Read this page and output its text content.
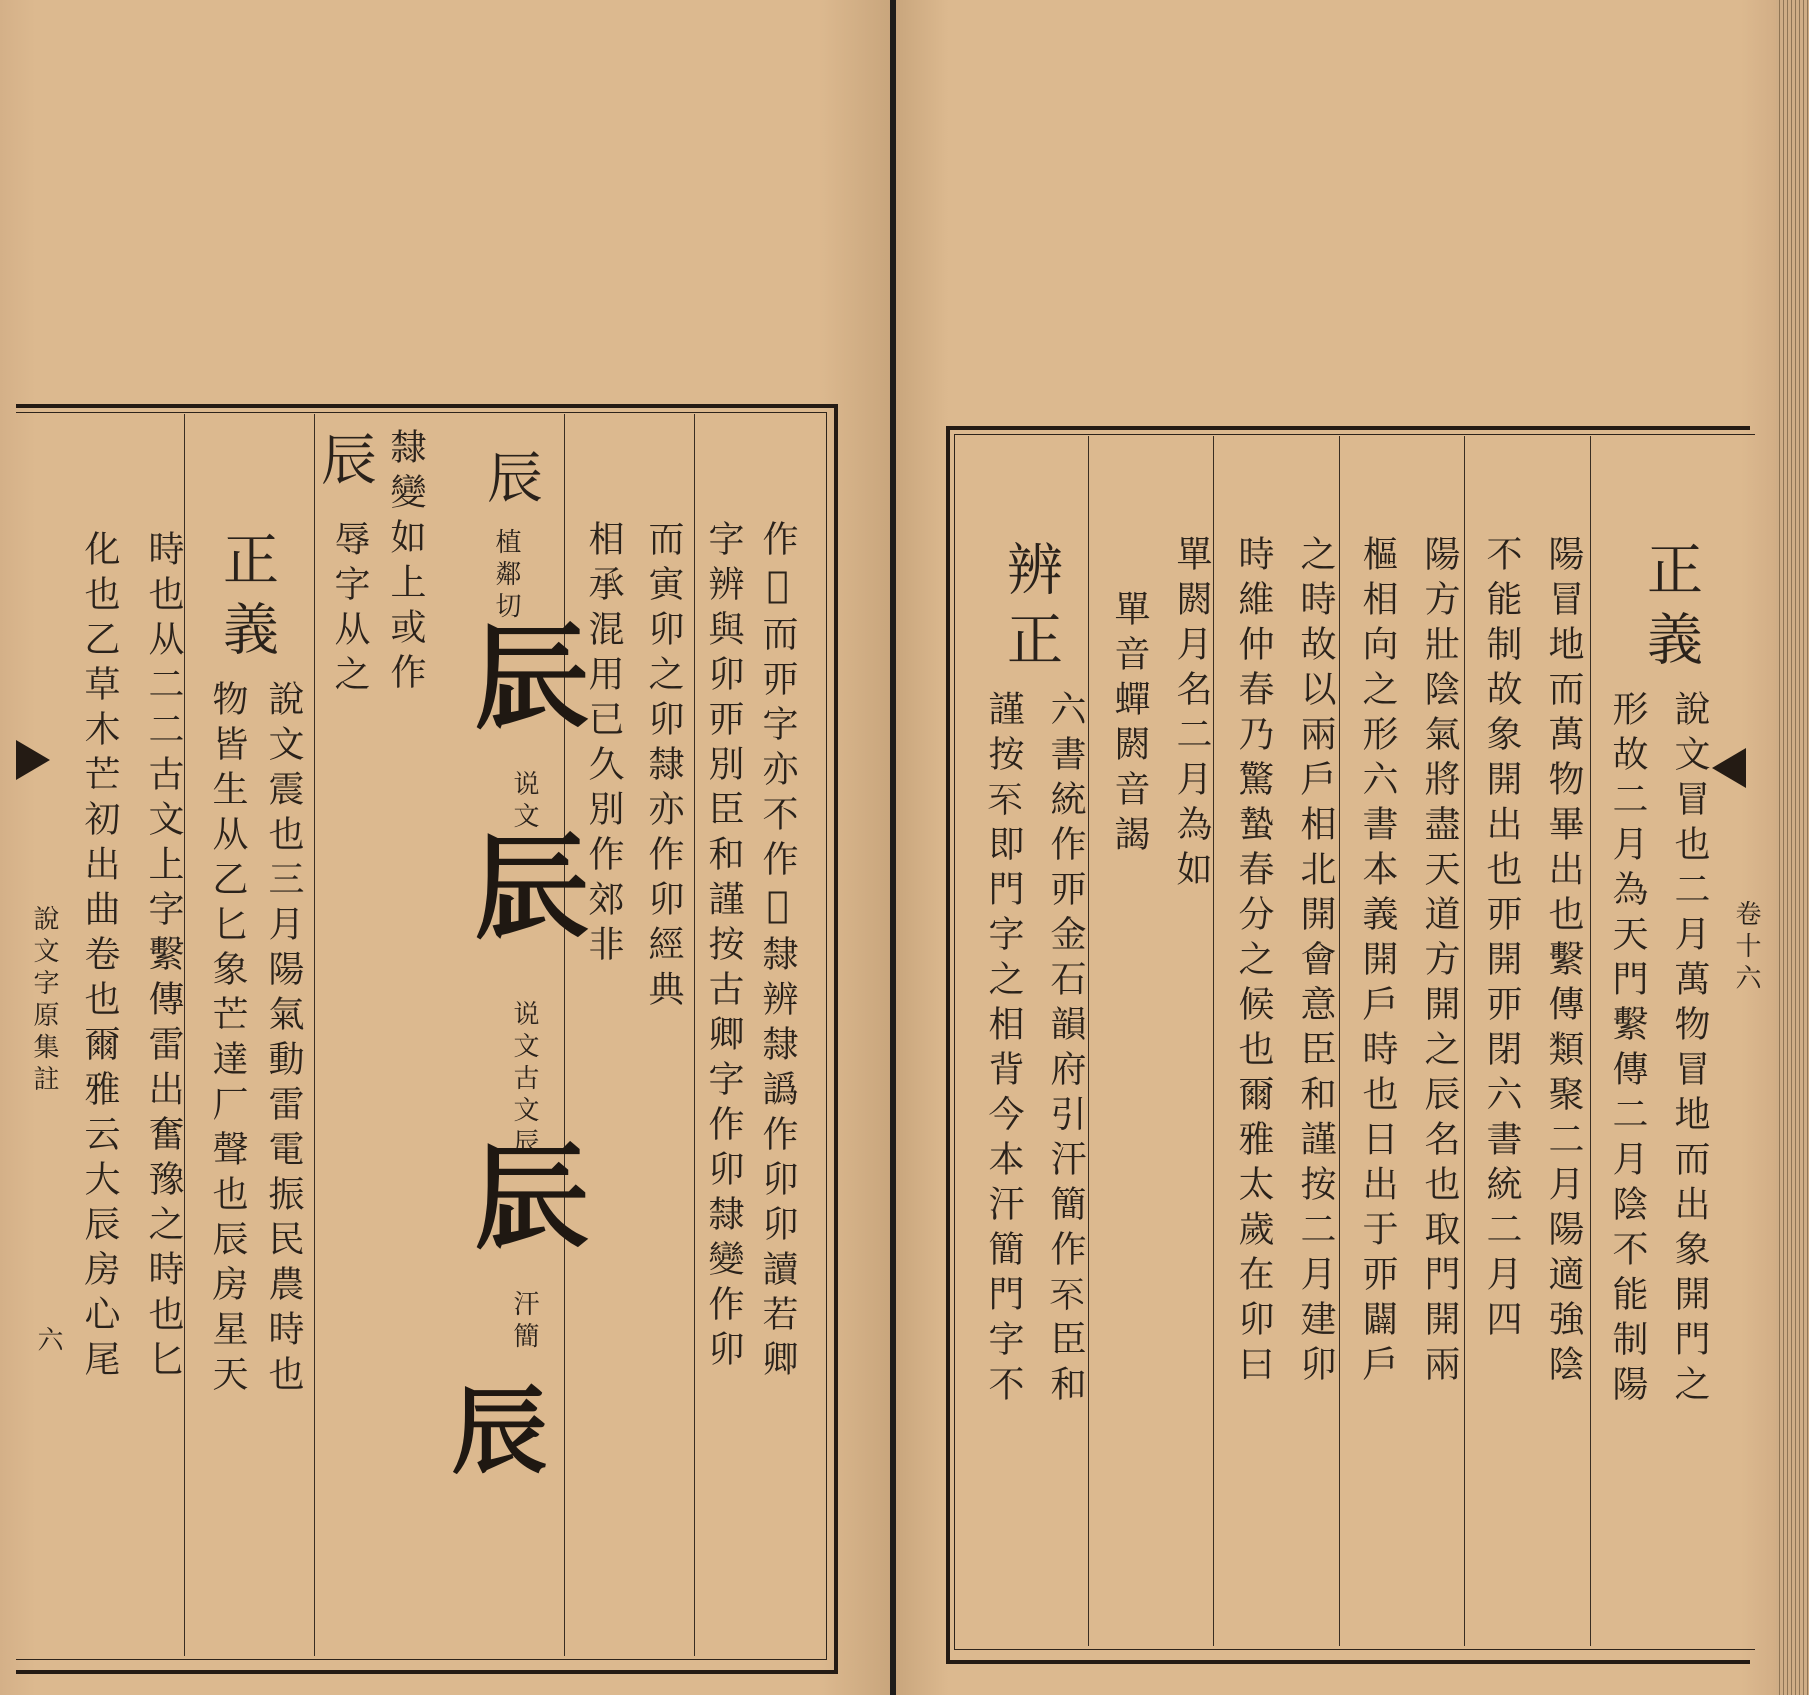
說文字原集註
六	作𤕫而丣字亦不作𢀜隸辨隸譌作卯卯讀若卿
字辨與卯丣別臣和謹按古卿字作卯隸變作卯
而寅卯之卯隸亦作卯經典
相承混用已久別作郊非
辰
植鄰切
𨑃
说文
𨑃
说文古文辰
𨑃
汗簡
辰
隸變如上或作
辱字从之
辰
正義
說文震也三月陽氣動雷電振民農時也
物皆生从乙匕象芒達厂聲也辰房星天
時也从二二古文上字繫傳雷出奮豫之時也匕
化也乙草木芒初出曲卷也爾雅云大辰房心尾	卷十六
正義
說文冒也二月萬物冒地而出象開門之
形故二月為天門繫傳二月陰不能制陽
陽冒地而萬物畢出也繫傳類聚二月陽適強陰
不能制故象開出也丣開丣閉六書統二月四
陽方壯陰氣將盡天道方開之辰名也取門開兩
樞相向之形六書本義開戶時也日出于丣闢戶
之時故以兩戶相北開會意臣和謹按二月建卯
時維仲春乃驚蟄春分之候也爾雅太歲在卯曰
單閼月名二月為如
單音蟬閼音謁
辨正
六書統作丣金石韻府引汗簡作𠀚臣和
謹按𠀚即門字之相背今本汗簡門字不
